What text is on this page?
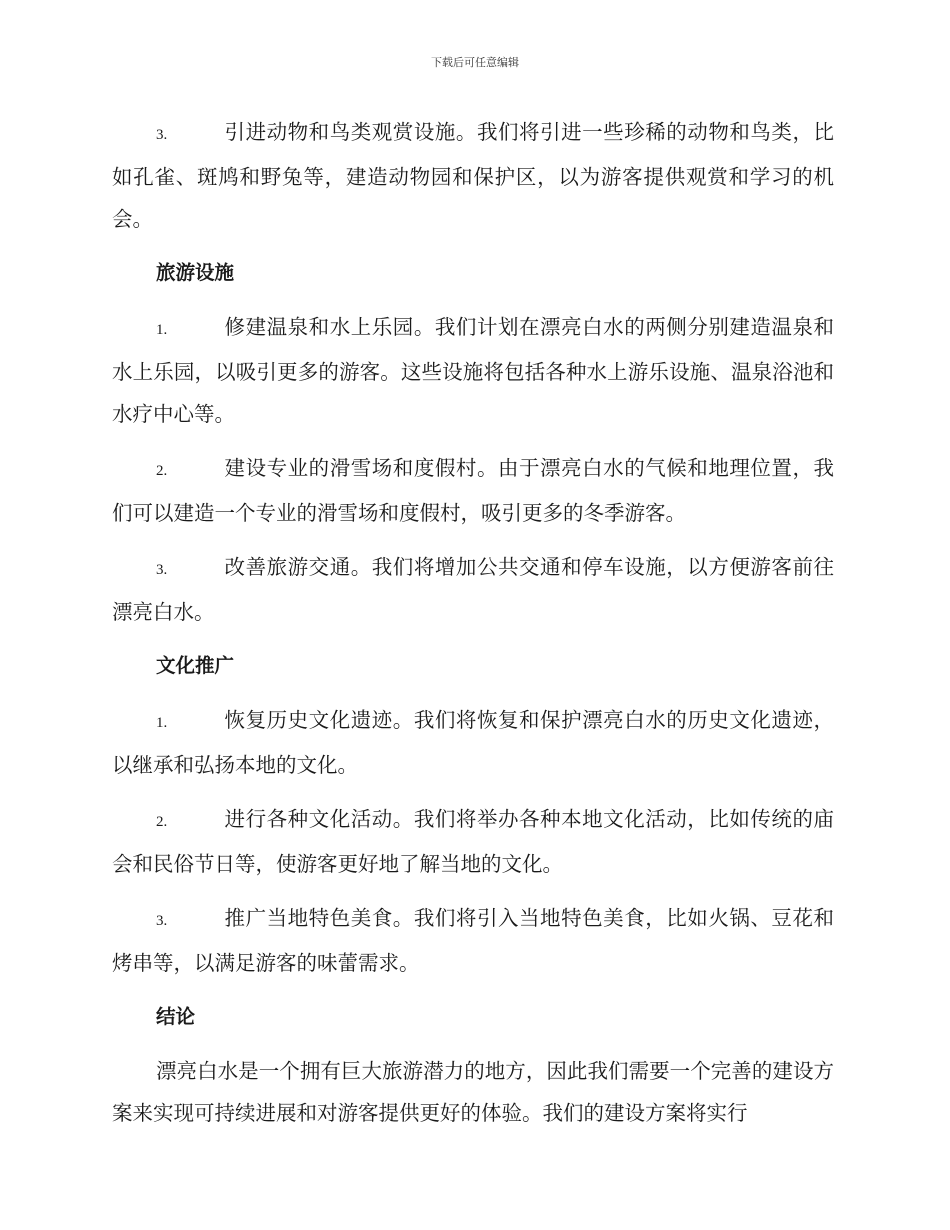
下载后可任意编辑

3.	引进动物和鸟类观赏设施。我们将引进一些珍稀的动物和鸟类，比如孔雀、斑鸠和野兔等，建造动物园和保护区，以为游客提供观赏和学习的机会。

旅游设施

1.	修建温泉和水上乐园。我们计划在漂亮白水的两侧分别建造温泉和水上乐园，以吸引更多的游客。这些设施将包括各种水上游乐设施、温泉浴池和水疗中心等。

2.	建设专业的滑雪场和度假村。由于漂亮白水的气候和地理位置，我们可以建造一个专业的滑雪场和度假村，吸引更多的冬季游客。

3.	改善旅游交通。我们将增加公共交通和停车设施，以方便游客前往漂亮白水。

文化推广

1.	恢复历史文化遗迹。我们将恢复和保护漂亮白水的历史文化遗迹，以继承和弘扬本地的文化。

2.	进行各种文化活动。我们将举办各种本地文化活动，比如传统的庙会和民俗节日等，使游客更好地了解当地的文化。

3.	推广当地特色美食。我们将引入当地特色美食，比如火锅、豆花和烤串等，以满足游客的味蕾需求。

结论

漂亮白水是一个拥有巨大旅游潜力的地方，因此我们需要一个完善的建设方案来实现可持续进展和对游客提供更好的体验。我们的建设方案将实行
